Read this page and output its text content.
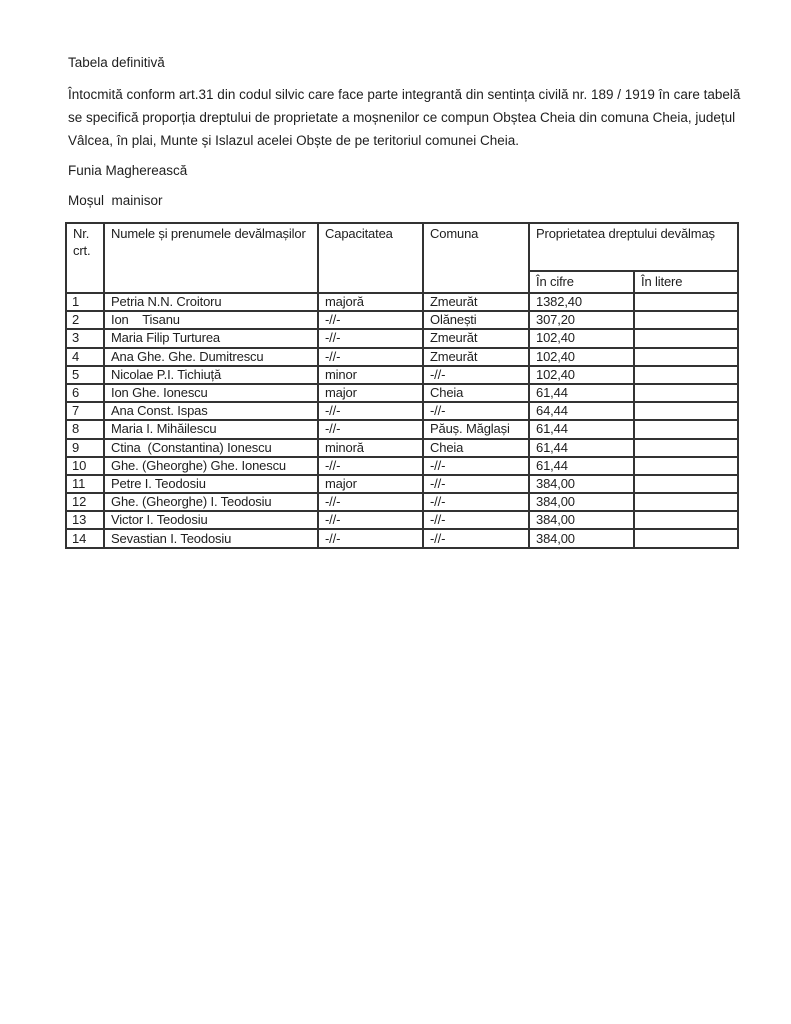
Tabela definitivă
Întocmită conform art.31 din codul silvic care face parte integrantă din sentința civilă nr. 189 / 1919 în care tabelă
se specifică proporția dreptului de proprietate a moșnenilor ce compun Obștea Cheia din comuna Cheia, județul
Vâlcea, în plai, Munte și Islazul acelei Obște de pe teritoriul comunei Cheia.
Funia Magherească
Moșul  mainisor
Nr. crt.	Numele și prenumele devălmașilor	Capacitatea	Comuna	Proprietatea dreptului devălmaș	
				În cifre	În litere
1	Petria N.N. Croitoru	majoră	Zmeurăt	1382,40	
2	Ion    Tisanu	-//-	Olănești	307,20	
3	Maria Filip Turturea	-//-	Zmeurăt	102,40	
4	Ana Ghe. Ghe. Dumitrescu	-//-	Zmeurăt	102,40	
5	Nicolae P.I. Tichiuță	minor	-//-	102,40	
6	Ion Ghe. Ionescu	major	Cheia	61,44	
7	Ana Const. Ispas	-//-	-//-	64,44	
8	Maria I. Mihăilescu	-//-	Păuș. Măglași	61,44	
9	Ctina  (Constantina) Ionescu	minoră	Cheia	61,44	
10	Ghe. (Gheorghe) Ghe. Ionescu	-//-	-//-	61,44	
11	Petre I. Teodosiu	major	-//-	384,00	
12	Ghe. (Gheorghe) I. Teodosiu	-//-	-//-	384,00	
13	Victor I. Teodosiu	-//-	-//-	384,00	
14	Sevastian I. Teodosiu	-//-	-//-	384,00	
